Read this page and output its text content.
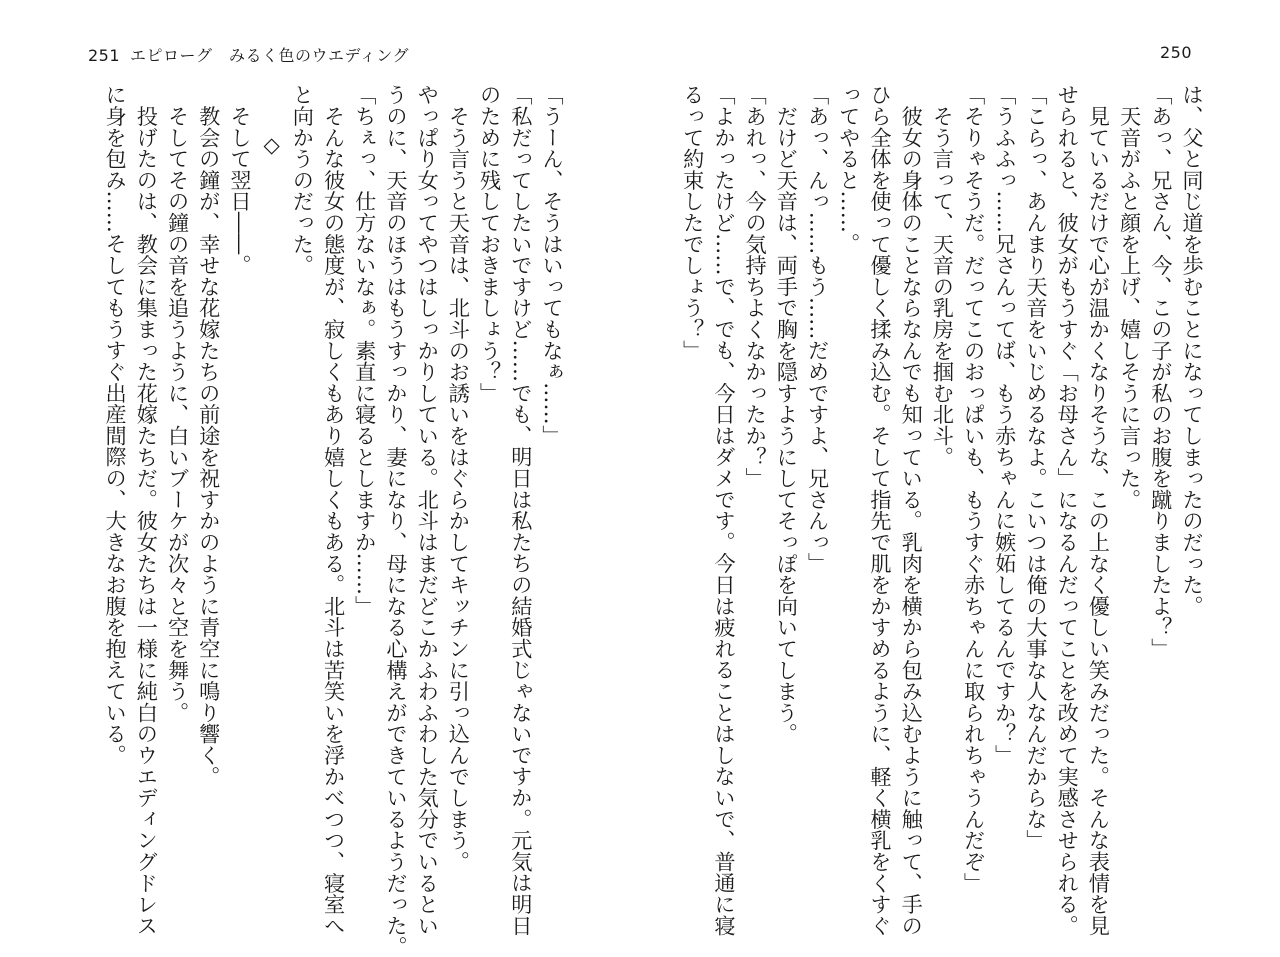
251 エピローグ　みるく色のウエディング
「うーん、そうはいってもなぁ……」
「私だってしたいですけど……でも、明日は私たちの結婚式じゃないですか。元気は明日
のために残しておきましょう？」
　そう言うと天音は、北斗のお誘いをはぐらかしてキッチンに引っ込んでしまう。
やっぱり女ってやつはしっかりしている。北斗はまだどこかふわふわした気分でいるとい
うのに、天音のほうはもうすっかり、妻になり、母になる心構えができているようだった。
「ちぇっ、仕方ないなぁ。素直に寝るとしますか……」
　そんな彼女の態度が、寂しくもあり嬉しくもある。北斗は苦笑いを浮かべつつ、寝室へ
と向かうのだった。
◇
　そして翌日――。
　教会の鐘が、幸せな花嫁たちの前途を祝すかのように青空に鳴り響く。
　そしてその鐘の音を追うように、白いブーケが次々と空を舞う。
　投げたのは、教会に集まった花嫁たちだ。彼女たちは一様に純白のウエディングドレス
に身を包み……そしてもうすぐ出産間際の、大きなお腹を抱えている。
250
は、父と同じ道を歩むことになってしまったのだった。
「あっ、兄さん、今、この子が私のお腹を蹴りましたよ？」
　天音がふと顔を上げ、嬉しそうに言った。
　見ているだけで心が温かくなりそうな、この上なく優しい笑みだった。そんな表情を見
せられると、彼女がもうすぐ「お母さん」になるんだってことを改めて実感させられる。
「こらっ、あんまり天音をいじめるなよ。こいつは俺の大事な人なんだからな」
「うふふっ……兄さんってば、もう赤ちゃんに嫉妬してるんですか？」
「そりゃそうだ。だってこのおっぱいも、もうすぐ赤ちゃんに取られちゃうんだぞ」
　そう言って、天音の乳房を掴む北斗。
　彼女の身体のことならなんでも知っている。乳肉を横から包み込むように触って、手の
ひら全体を使って優しく揉み込む。そして指先で肌をかすめるように、軽く横乳をくすぐ
ってやると……。
「あっ、んっ……もう……だめですよ、兄さんっ」
　だけど天音は、両手で胸を隠すようにしてそっぽを向いてしまう。
「あれっ、今の気持ちよくなかったか？」
「よかったけど……で、でも、今日はダメです。今日は疲れることはしないで、普通に寝
るって約束したでしょう？」
